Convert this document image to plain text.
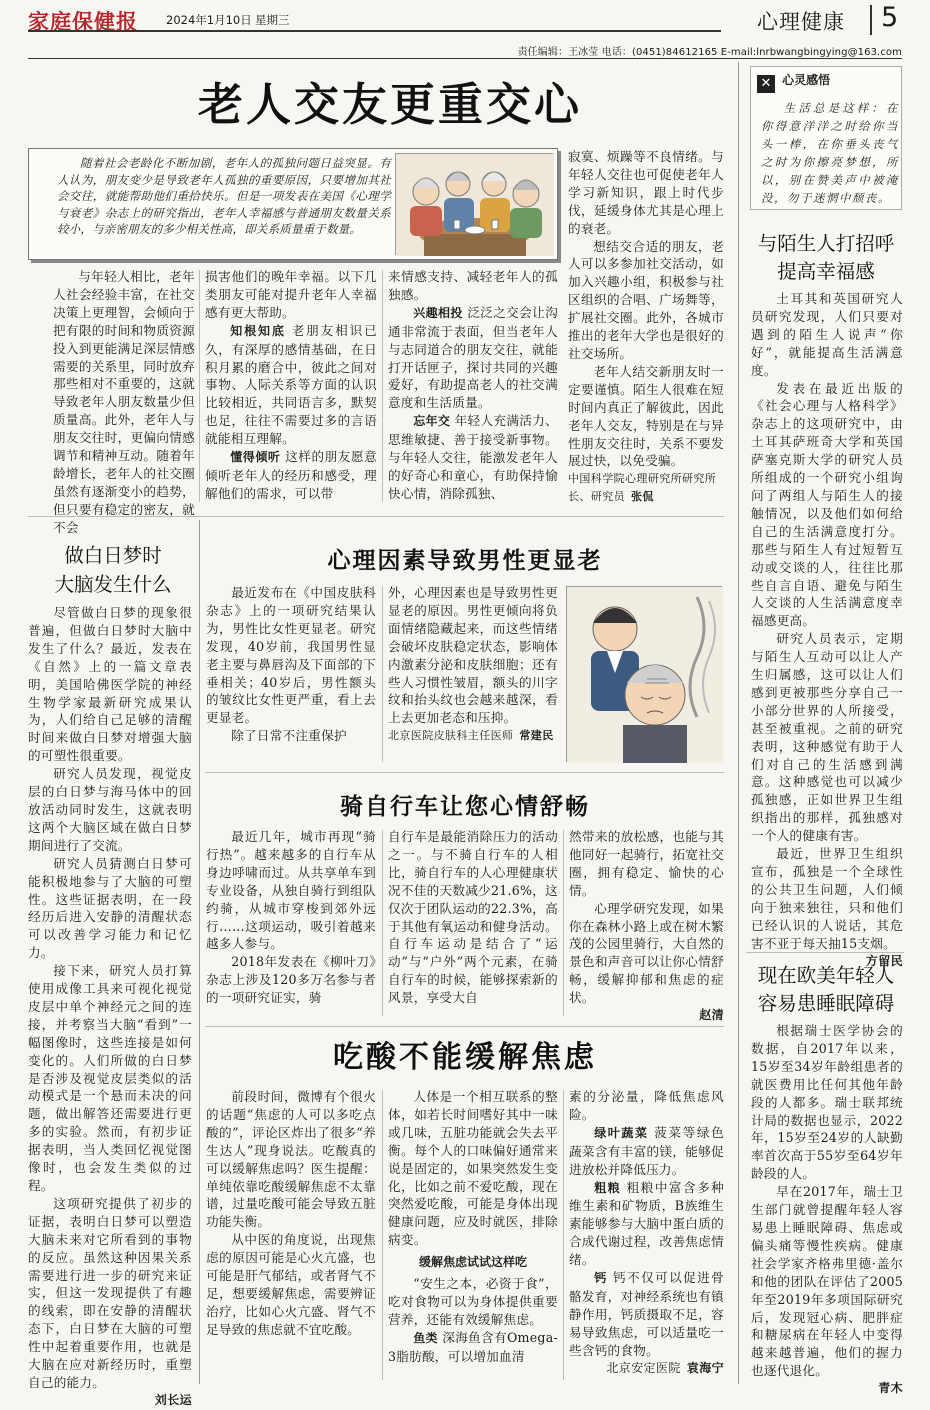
家庭保健报 2024年1月10日 星期三	心理健康 5
责任编辑：王冰莹 电话：(0451)84612165 E-mail:lnrbwangbingying@163.com
老人交友更重交心
随着社会老龄化不断加剧，老年人的孤独问题日益突显。有人认为，朋友变少是导致老年人孤独的重要原因，只要增加其社会交往，就能帮助他们重拾快乐。但是一项发表在美国《心理学与衰老》杂志上的研究指出，老年人幸福感与普通朋友数量关系较小，与亲密朋友的多少相关性高，即关系质量重于数量。

寂寞、烦躁等不良情绪。与年轻人交往也可促使老年人学习新知识，跟上时代步伐，延缓身体尤其是心理上的衰老。

想结交合适的朋友，老人可以多参加社交活动，如加入兴趣小组，积极参与社区组织的合唱、广场舞等，扩展社交圈。此外，各城市推出的老年大学也是很好的社交场所。

老年人结交新朋友时一定要谨慎。陌生人很难在短时间内真正了解彼此，因此老年人交友，特别是在与异性朋友交往时，关系不要发展过快，以免受骗。

中国科学院心理研究所研究所长、研究员 张侃

与年轻人相比，老年人社会经验丰富，在社交决策上更理智，会倾向于把有限的时间和物质资源投入到更能满足深层情感需要的关系里，同时放弃那些相对不重要的，这就导致老年人朋友数量少但质量高。此外，老年人与朋友交往时，更偏向情感调节和精神互动。随着年龄增长，老年人的社交圈虽然有逐渐变小的趋势，但只要有稳定的密友，就不会

损害他们的晚年幸福。以下几类朋友可能对提升老年人幸福感有更大帮助。

知根知底 老朋友相识已久，有深厚的感情基础，在日积月累的磨合中，彼此之间对事物、人际关系等方面的认识比较相近，共同语言多，默契也足，往往不需要过多的言语就能相互理解。

懂得倾听 这样的朋友愿意倾听老年人的经历和感受，理解他们的需求，可以带

来情感支持、减轻老年人的孤独感。

兴趣相投 泛泛之交会让沟通非常流于表面，但当老年人与志同道合的朋友交往，就能打开话匣子，探讨共同的兴趣爱好，有助提高老人的社交满意度和生活质量。

忘年交 年轻人充满活力、思维敏捷、善于接受新事物。与年轻人交往，能激发老年人的好奇心和童心，有助保持愉快心情，消除孤独、

✕ 心灵感悟
生活总是这样：在你得意洋洋之时给你当头一棒，在你垂头丧气之时为你擦亮梦想，所以，别在赞美声中被淹没，勿于迷惘中颓丧。
与陌生人打招呼
提高幸福感

土耳其和英国研究人员研究发现，人们只要对遇到的陌生人说声“你好”，就能提高生活满意度。

发表在最近出版的《社会心理与人格科学》杂志上的这项研究中，由土耳其萨班奇大学和英国萨塞克斯大学的研究人员所组成的一个研究小组询问了两组人与陌生人的接触情况，以及他们如何给自己的生活满意度打分。那些与陌生人有过短暂互动或交谈的人，往往比那些自言自语、避免与陌生人交谈的人生活满意度幸福感更高。

研究人员表示，定期与陌生人互动可以让人产生归属感，这可以让人们感到更被那些分享自己一小部分世界的人所接受，甚至被重视。之前的研究表明，这种感觉有助于人们对自己的生活感到满意。这种感觉也可以减少孤独感，正如世界卫生组织指出的那样，孤独感对一个人的健康有害。

最近，世界卫生组织宣布，孤独是一个全球性的公共卫生问题，人们倾向于独来独往，只和他们已经认识的人说话，其危害不亚于每天抽15支烟。

方留民
现在欧美年轻人
容易患睡眠障碍

根据瑞士医学协会的数据，自2017年以来，15岁至34岁年龄组患者的就医费用比任何其他年龄段的人都多。瑞士联邦统计局的数据也显示，2022年，15岁至24岁的人缺勤率首次高于55岁至64岁年龄段的人。

早在2017年，瑞士卫生部门就曾提醒年轻人容易患上睡眠障碍、焦虑或偏头痛等慢性疾病。健康社会学家齐格弗里德·盖尔和他的团队在评估了2005年至2019年多项国际研究后，发现冠心病、肥胖症和糖尿病在年轻人中变得越来越普遍，他们的握力也逐代退化。

青木
做白日梦时
大脑发生什么

尽管做白日梦的现象很普遍，但做白日梦时大脑中发生了什么？最近，发表在《自然》上的一篇文章表明，美国哈佛医学院的神经生物学家最新研究成果认为，人们给自己足够的清醒时间来做白日梦对增强大脑的可塑性很重要。

研究人员发现，视觉皮层的白日梦与海马体中的回放活动同时发生，这就表明这两个大脑区域在做白日梦期间进行了交流。

研究人员猜测白日梦可能积极地参与了大脑的可塑性。这些证据表明，在一段经历后进入安静的清醒状态可以改善学习能力和记忆力。

接下来，研究人员打算使用成像工具来可视化视觉皮层中单个神经元之间的连接，并考察当大脑“看到”一幅图像时，这些连接是如何变化的。人们所做的白日梦是否涉及视觉皮层类似的活动模式是一个悬而未决的问题，做出解答还需要进行更多的实验。然而，有初步证据表明，当人类回忆视觉图像时，也会发生类似的过程。

这项研究提供了初步的证据，表明白日梦可以塑造大脑未来对它所看到的事物的反应。虽然这种因果关系需要进行进一步的研究来证实，但这一发现提供了有趣的线索，即在安静的清醒状态下，白日梦在大脑的可塑性中起着重要作用，也就是大脑在应对新经历时，重塑自己的能力。

刘长运
心理因素导致男性更显老

最近发布在《中国皮肤科杂志》上的一项研究结果认为，男性比女性更显老。研究发现，40岁前，我国男性显老主要与鼻唇沟及下面部的下垂相关；40岁后，男性额头的皱纹比女性更严重，看上去更显老。

除了日常不注重保护

外，心理因素也是导致男性更显老的原因。男性更倾向将负面情绪隐藏起来，而这些情绪会破坏皮肤稳定状态，影响体内激素分泌和皮肤细胞；还有些人习惯性皱眉，额头的川字纹和抬头纹也会越来越深，看上去更加老态和压抑。

北京医院皮肤科主任医师 常建民
骑自行车让您心情舒畅

最近几年，城市再现“骑行热”。越来越多的自行车从身边呼啸而过。从共享单车到专业设备，从独自骑行到组队约骑，从城市穿梭到郊外远行……这项运动，吸引着越来越多人参与。

2018年发表在《柳叶刀》杂志上涉及120多万名参与者的一项研究证实，骑

自行车是最能消除压力的活动之一。与不骑自行车的人相比，骑自行车的人心理健康状况不佳的天数减少21.6%，这仅次于团队运动的22.3%，高于其他有氧运动和健身活动。自行车运动是结合了“运动”与“户外”两个元素，在骑自行车的时候，能够探索新的风景，享受大自

然带来的放松感，也能与其他同好一起骑行，拓宽社交圈，拥有稳定、愉快的心情。

心理学研究发现，如果你在森林小路上或在树木繁茂的公园里骑行，大自然的景色和声音可以让你心情舒畅，缓解抑郁和焦虑的症状。

赵清
吃酸不能缓解焦虑

前段时间，微博有个很火的话题“焦虑的人可以多吃点酸的”，评论区炸出了很多“养生达人”现身说法。吃酸真的可以缓解焦虑吗？医生提醒：单纯依靠吃酸缓解焦虑不太靠谱，过量吃酸可能会导致五脏功能失衡。

从中医的角度说，出现焦虑的原因可能是心火亢盛，也可能是肝气郁结，或者肾气不足，想要缓解焦虑，需要辨证治疗，比如心火亢盛、肾气不足导致的焦虑就不宜吃酸。

人体是一个相互联系的整体，如若长时间嗜好其中一味或几味，五脏功能就会失去平衡。每个人的口味偏好通常来说是固定的，如果突然发生变化，比如之前不爱吃酸，现在突然爱吃酸，可能是身体出现健康问题，应及时就医，排除病变。

缓解焦虑试试这样吃

“安生之本，必资于食”，吃对食物可以为身体提供重要营养，还能有效缓解焦虑。

鱼类 深海鱼含有Omega-3脂肪酸，可以增加血清

素的分泌量，降低焦虑风险。

绿叶蔬菜 菠菜等绿色蔬菜含有丰富的镁，能够促进放松并降低压力。

粗粮 粗粮中富含多种维生素和矿物质，B族维生素能够参与大脑中蛋白质的合成代谢过程，改善焦虑情绪。

钙 钙不仅可以促进骨骼发育，对神经系统也有镇静作用，钙质摄取不足，容易导致焦虑，可以适量吃一些含钙的食物。

北京安定医院 袁海宁
